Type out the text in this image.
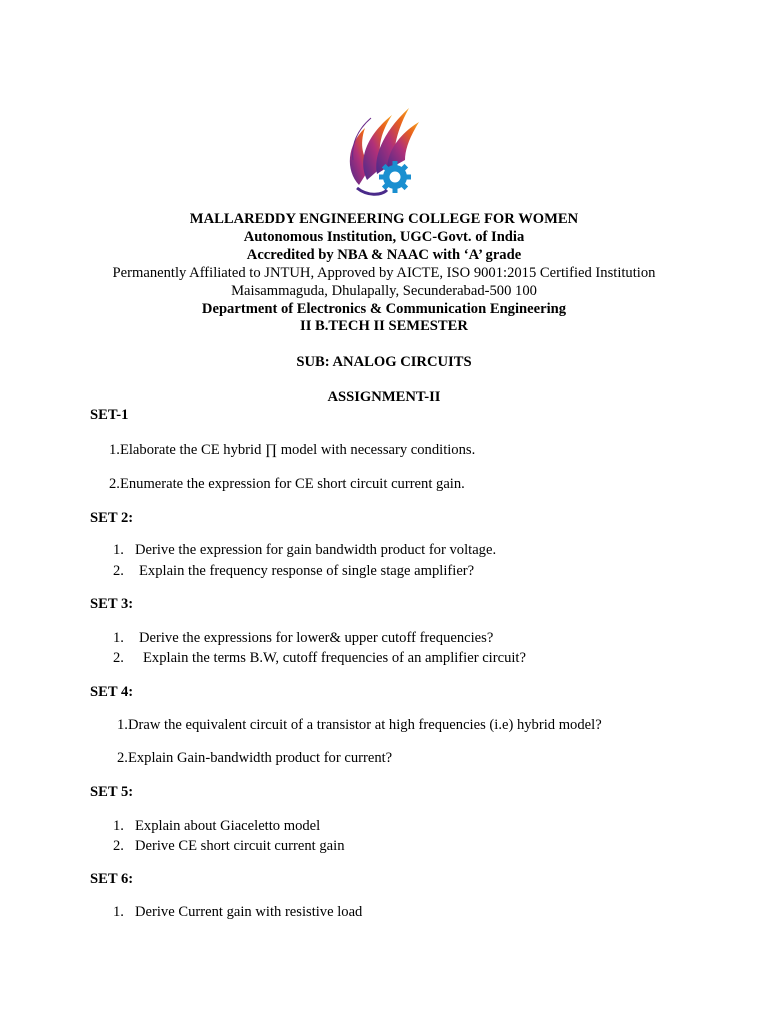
MALLAREDDY ENGINEERING COLLEGE FOR WOMEN
Autonomous Institution, UGC-Govt. of India
Accredited by NBA & NAAC with ‘A’ grade
Permanently Affiliated to JNTUH, Approved by AICTE, ISO 9001:2015 Certified Institution
Maisammaguda, Dhulapally, Secunderabad-500 100
Department of Electronics & Communication Engineering
II B.TECH II SEMESTER
SUB: ANALOG CIRCUITS
ASSIGNMENT-II
SET-1
1.Elaborate the CE hybrid ∏ model with necessary conditions.
2.Enumerate the expression for CE short circuit current gain.
SET 2:
1. Derive the expression for gain bandwidth product for voltage.
2. Explain the frequency response of single stage amplifier?
SET 3:
1. Derive the expressions for lower& upper cutoff frequencies?
2. Explain the terms B.W, cutoff frequencies of an amplifier circuit?
SET 4:
1.Draw the equivalent circuit of a transistor at high frequencies (i.e) hybrid model?
2.Explain Gain-bandwidth product for current?
SET 5:
1. Explain about Giaceletto model
2. Derive CE short circuit current gain
SET 6:
1. Derive Current gain with resistive load
